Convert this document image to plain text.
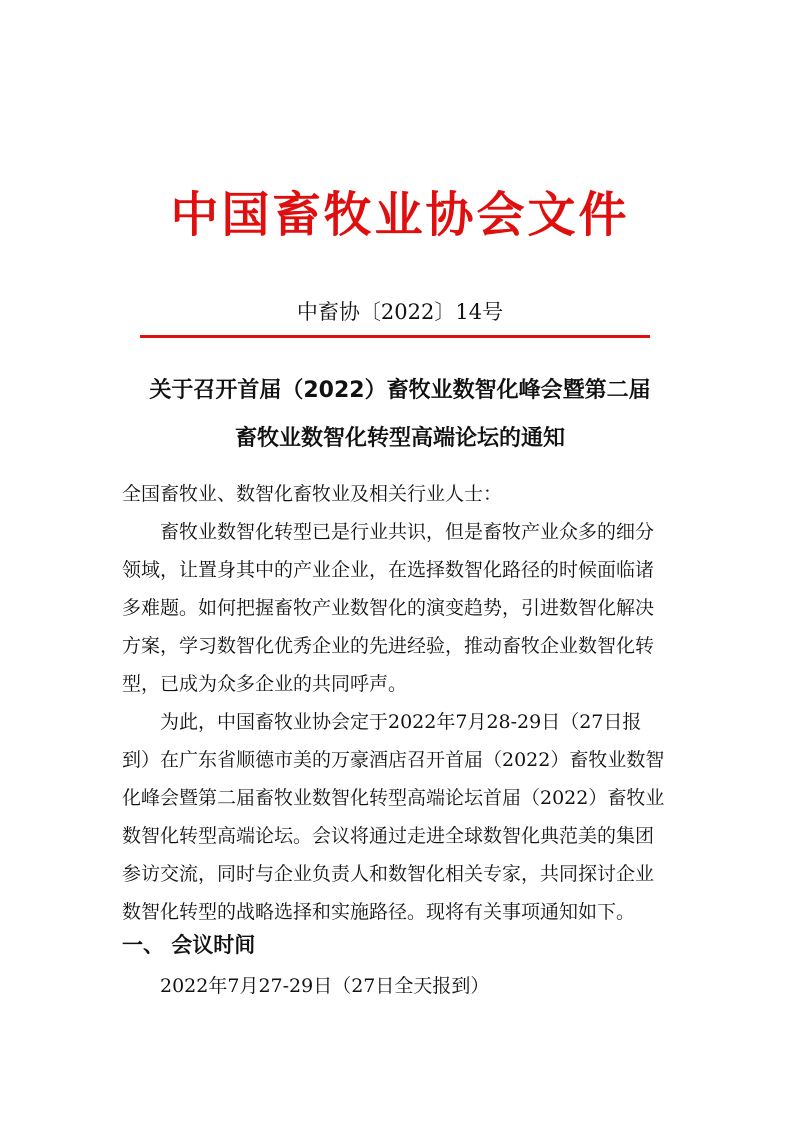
中国畜牧业协会文件
中畜协〔2022〕14号
关于召开首届（2022）畜牧业数智化峰会暨第二届
畜牧业数智化转型高端论坛的通知
全国畜牧业、数智化畜牧业及相关行业人士：
畜牧业数智化转型已是行业共识，但是畜牧产业众多的细分
领域，让置身其中的产业企业，在选择数智化路径的时候面临诸
多难题。如何把握畜牧产业数智化的演变趋势，引进数智化解决
方案，学习数智化优秀企业的先进经验，推动畜牧企业数智化转
型，已成为众多企业的共同呼声。
为此，中国畜牧业协会定于2022年7月28-29日（27日报
到）在广东省顺德市美的万豪酒店召开首届（2022）畜牧业数智
化峰会暨第二届畜牧业数智化转型高端论坛首届（2022）畜牧业
数智化转型高端论坛。会议将通过走进全球数智化典范美的集团
参访交流，同时与企业负责人和数智化相关专家，共同探讨企业
数智化转型的战略选择和实施路径。现将有关事项通知如下。
一、 会议时间
2022年7月27-29日（27日全天报到）
